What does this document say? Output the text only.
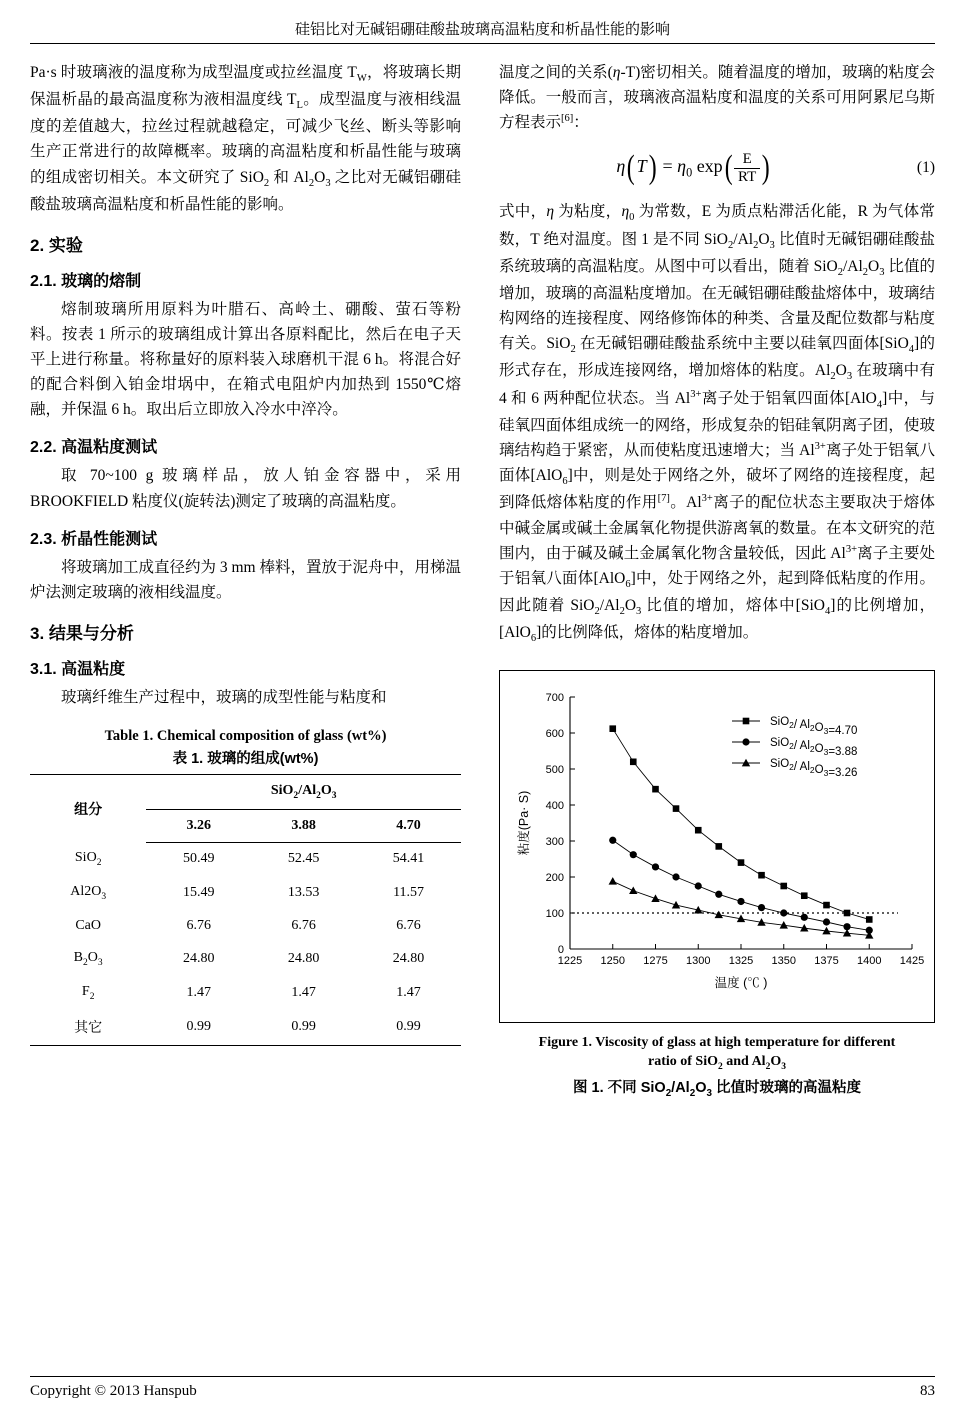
硅铝比对无碱铝硼硅酸盐玻璃高温粘度和析晶性能的影响

Pa·s 时玻璃液的温度称为成型温度或拉丝温度 $T_W$，将玻璃长期保温析晶的最高温度称为液相温度线 $T_L$。成型温度与液相线温度的差值越大，拉丝过程就越稳定，可减少飞丝、断头等影响生产正常进行的故障概率。玻璃的高温粘度和析晶性能与玻璃的组成密切相关。本文研究了 SiO$_2$ 和 $Al_2O_3$ 之比对无碱铝硼硅酸盐玻璃高温粘度和析晶性能的影响。

2. 实验
2.1. 玻璃的熔制

熔制玻璃所用原料为叶腊石、高岭土、硼酸、萤石等粉料。按表 1 所示的玻璃组成计算出各原料配比，然后在电子天平上进行称量。将称量好的原料装入球磨机干混 6 h。将混合好的配合料倒入铂金坩埚中，在箱式电阻炉内加热到 1550℃熔融，并保温 6 h。取出后立即放入冷水中淬冷。

2.2. 高温粘度测试

取 70~100 g 玻璃样品，放人铂金容器中，采用 BROOKFIELD 粘度仪(旋转法)测定了玻璃的高温粘度。

2.3. 析晶性能测试

将玻璃加工成直径约为 3 mm 棒料，置放于泥舟中，用梯温炉法测定玻璃的液相线温度。

3. 结果与分析
3.1. 高温粘度

玻璃纤维生产过程中，玻璃的成型性能与粘度和

Table 1. Chemical composition of glass (wt%)
表 1. 玻璃的组成(wt%)
组分	$SiO_2/Al_2O_3$
	3.26	3.88	4.70
SiO$_2$	50.49	52.45	54.41
$Al2O_3$	15.49	13.53	11.57
CaO	6.76	6.76	6.76
$B_2O_3$	24.80	24.80	24.80
$F_2$	1.47	1.47	1.47
其它	0.99	0.99	0.99

温度之间的关系(η-T)密切相关。随着温度的增加，玻璃的粘度会降低。一般而言，玻璃液高温粘度和温度的关系可用阿累尼乌斯方程表示[6]：

$\eta(T) = \eta_0$ $\exp( \frac{E}{RT}$ )	(1)

式中，η 为粘度，$\eta_0$ 为常数，E 为质点粘滞活化能，R 为气体常数，T 绝对温度。图 1 是不同 $SiO_2/Al_2O_3$ 比值时无碱铝硼硅酸盐系统玻璃的高温粘度。从图中可以看出，随着 $SiO_2/Al_2O_3$ 比值的增加，玻璃的高温粘度增加。在无碱铝硼硅酸盐熔体中，玻璃结构网络的连接程度、网络修饰体的种类、含量及配位数都与粘度有关。SiO$_2$ 在无碱铝硼硅酸盐系统中主要以硅氧四面体[SiO$_4$]的形式存在，形成连接网络，增加熔体的粘度。$Al_2O_3$ 在玻璃中有 4 和 6 两种配位状态。当 $Al^{3+}$离子处于铝氧四面体[AlO$_4$]中，与硅氧四面体组成统一的网络，形成复杂的铝硅氧阴离子团，使玻璃结构趋于紧密，从而使粘度迅速增大；当 $Al^{3+}$离子处于铝氧八面体[AlO$_6$]中，则是处于网络之外，破坏了网络的连接程度，起到降低熔体粘度的作用[7]。$Al^{3+}$离子的配位状态主要取决于熔体中碱金属或碱土金属氧化物提供游离氧的数量。在本文研究的范围内，由于碱及碱土金属氧化物含量较低，因此 $Al^{3+}$离子主要处于铝氧八面体[AlO$_6$]中，处于网络之外，起到降低粘度的作用。因此随着 $SiO_2/Al_2O_3$ 比值的增加，熔体中[SiO$_4$]的比例增加，[AlO$_6$]的比例降低，熔体的粘度增加。

0
100
200
300
400
500
600
700
1225 1250 1275 1300 1325 1350 1375 1400 1425
温度 (℃ )
粘度(Pa· S)
SiO$_2$/ $Al_2O_3=4.70$
SiO$_2$/ $Al_2O_3=3.88$
SiO$_2$/ $Al_2O_3=3.26$
Figure 1. Viscosity of glass at high temperature for different
ratio of SiO$_2$ and $Al_2O_3$
图 1. 不同 $SiO_2/Al_2O_3$ 比值时玻璃的高温粘度
Copyright © 2013 Hanspub	83
